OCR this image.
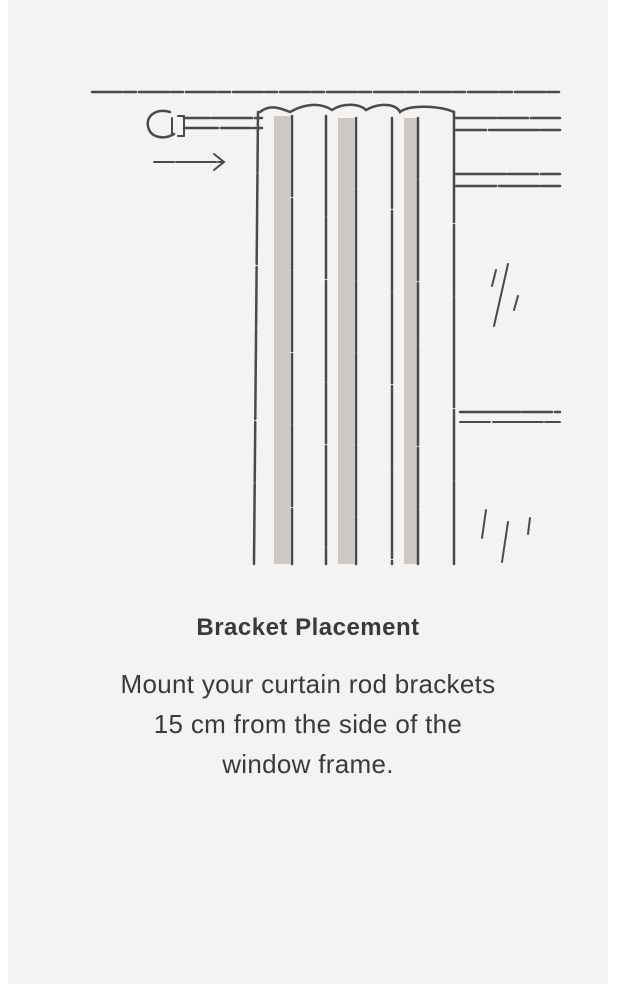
Bracket Placement

Mount your curtain rod brackets 15 cm from the side of the window frame.
